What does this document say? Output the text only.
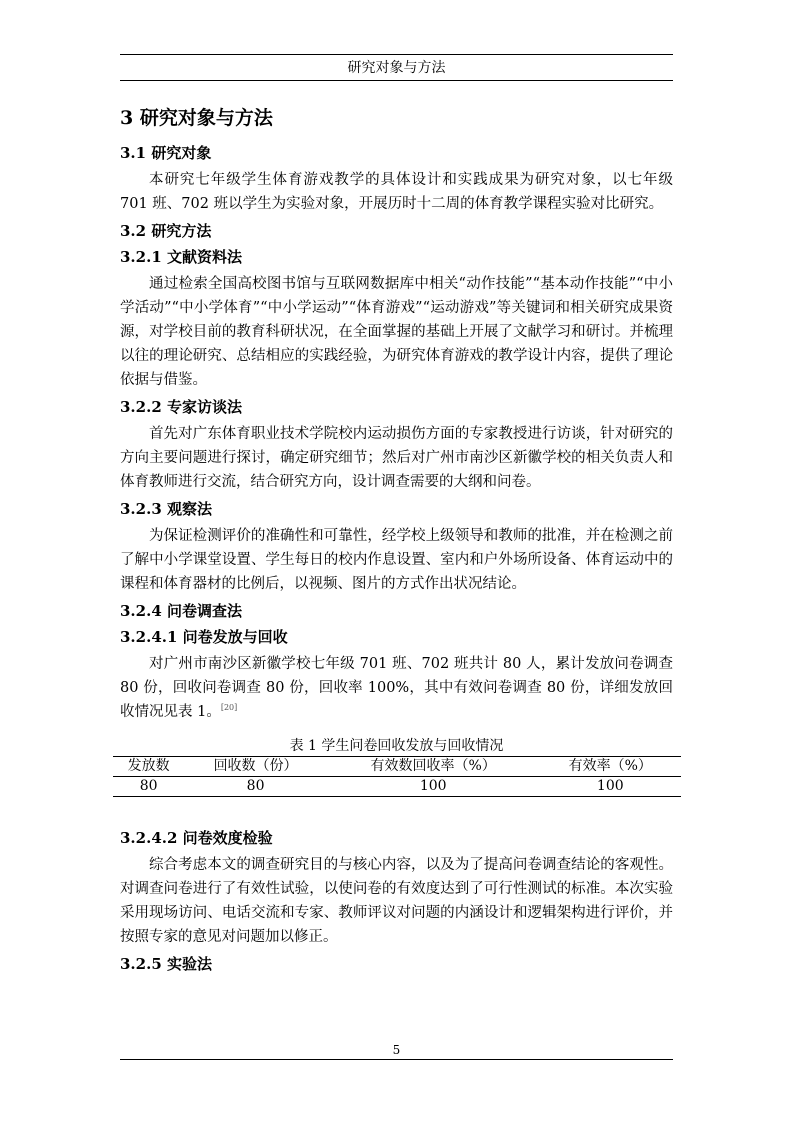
研究对象与方法
3 研究对象与方法
3.1 研究对象

本研究七年级学生体育游戏教学的具体设计和实践成果为研究对象，以七年级 701 班、702 班以学生为实验对象，开展历时十二周的体育教学课程实验对比研究。

3.2 研究方法
3.2.1 文献资料法

通过检索全国高校图书馆与互联网数据库中相关“动作技能”“基本动作技能”“中小学活动”“中小学体育”“中小学运动”“体育游戏”“运动游戏”等关键词和相关研究成果资源，对学校目前的教育科研状况，在全面掌握的基础上开展了文献学习和研讨。并梳理以往的理论研究、总结相应的实践经验，为研究体育游戏的教学设计内容，提供了理论依据与借鉴。

3.2.2 专家访谈法

首先对广东体育职业技术学院校内运动损伤方面的专家教授进行访谈，针对研究的方向主要问题进行探讨，确定研究细节；然后对广州市南沙区新徽学校的相关负责人和体育教师进行交流，结合研究方向，设计调查需要的大纲和问卷。

3.2.3 观察法

为保证检测评价的准确性和可靠性，经学校上级领导和教师的批准，并在检测之前了解中小学课堂设置、学生每日的校内作息设置、室内和户外场所设备、体育运动中的课程和体育器材的比例后，以视频、图片的方式作出状况结论。

3.2.4 问卷调查法
3.2.4.1 问卷发放与回收

对广州市南沙区新徽学校七年级 701 班、702 班共计 80 人，累计发放问卷调查 80 份，回收问卷调查 80 份，回收率 100%，其中有效问卷调查 80 份，详细发放回收情况见表 1。[20]

表 1 学生问卷回收发放与回收情况
发放数	回收数（份）	有效数回收率（%）	有效率（%）
80	80	100	100
3.2.4.2 问卷效度检验

综合考虑本文的调查研究目的与核心内容，以及为了提高问卷调查结论的客观性。对调查问卷进行了有效性试验，以使问卷的有效度达到了可行性测试的标准。本次实验采用现场访问、电话交流和专家、教师评议对问题的内涵设计和逻辑架构进行评价，并按照专家的意见对问题加以修正。

3.2.5 实验法
5
